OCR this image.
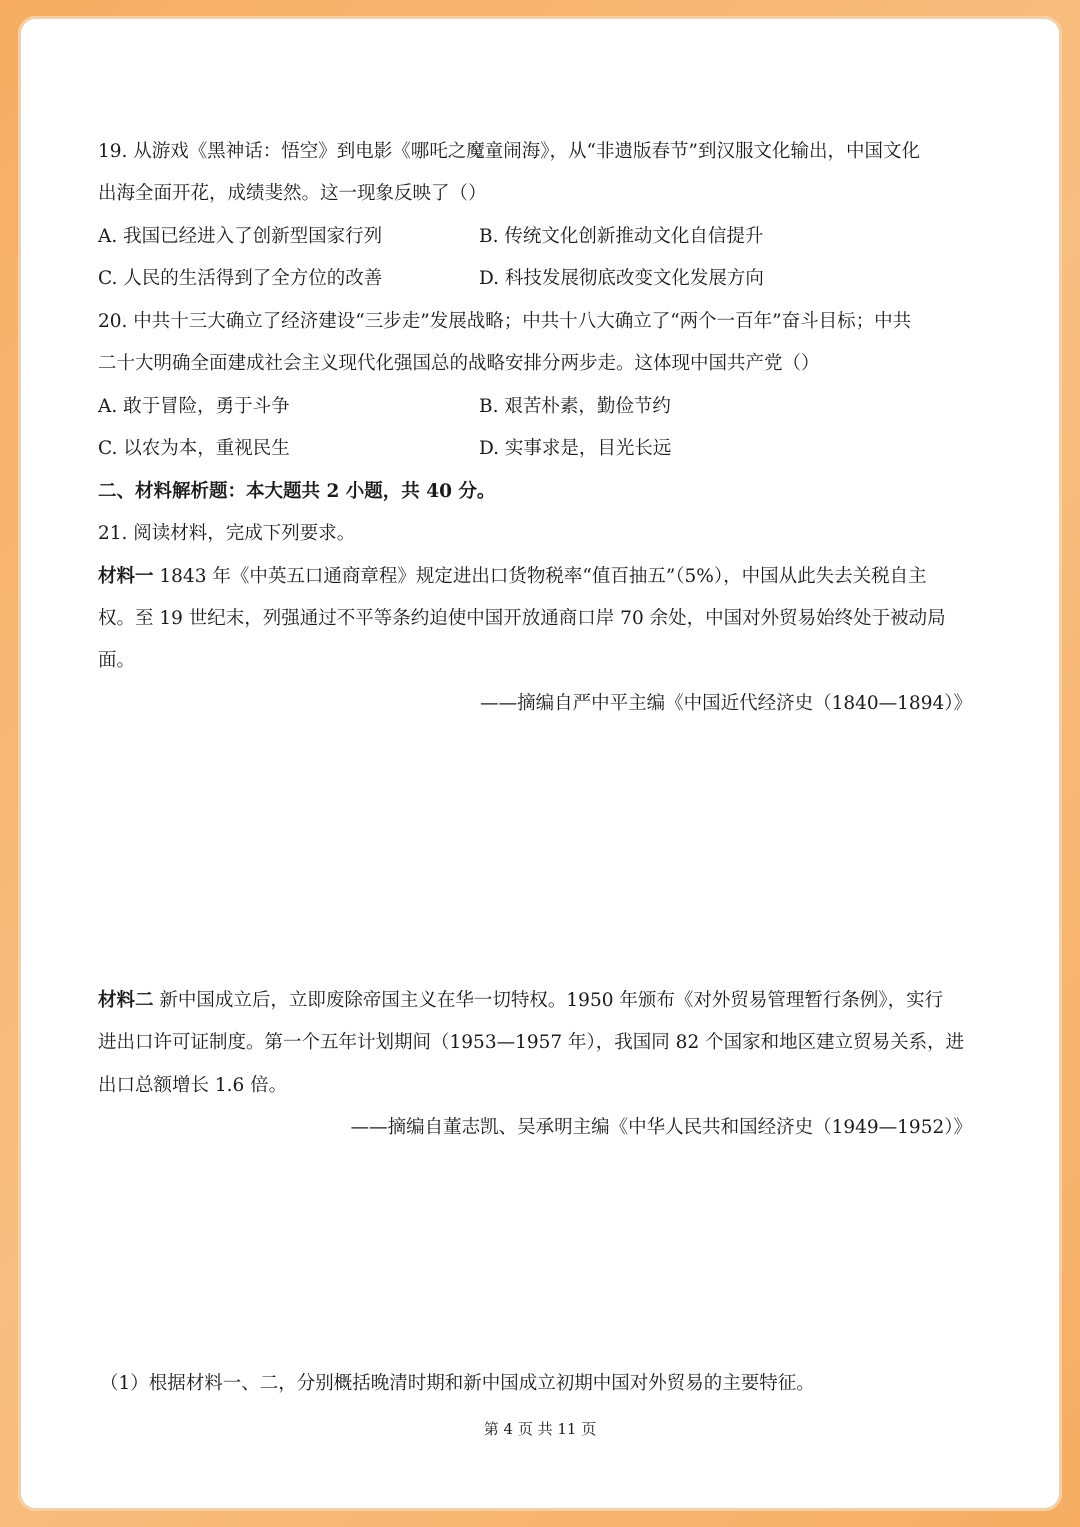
19. 从游戏《黑神话：悟空》到电影《哪吒之魔童闹海》，从“非遗版春节”到汉服文化输出，中国文化
出海全面开花，成绩斐然。这一现象反映了（）
A. 我国已经进入了创新型国家行列	B. 传统文化创新推动文化自信提升
C. 人民的生活得到了全方位的改善	D. 科技发展彻底改变文化发展方向
20. 中共十三大确立了经济建设“三步走”发展战略；中共十八大确立了“两个一百年”奋斗目标；中共
二十大明确全面建成社会主义现代化强国总的战略安排分两步走。这体现中国共产党（）
A. 敢于冒险，勇于斗争	B. 艰苦朴素，勤俭节约
C. 以农为本，重视民生	D. 实事求是，目光长远
二、材料解析题：本大题共 2 小题，共 40 分。
21. 阅读材料，完成下列要求。
材料一 1843 年《中英五口通商章程》规定进出口货物税率“值百抽五”（5%），中国从此失去关税自主
权。至 19 世纪末，列强通过不平等条约迫使中国开放通商口岸 70 余处，中国对外贸易始终处于被动局
面。
——摘编自严中平主编《中国近代经济史（1840—1894）》
材料二 新中国成立后，立即废除帝国主义在华一切特权。1950 年颁布《对外贸易管理暂行条例》，实行
进出口许可证制度。第一个五年计划期间（1953—1957 年），我国同 82 个国家和地区建立贸易关系，进
出口总额增长 1.6 倍。
——摘编自董志凯、吴承明主编《中华人民共和国经济史（1949—1952）》
（1）根据材料一、二，分别概括晚清时期和新中国成立初期中国对外贸易的主要特征。
第 4 页 共 11 页
